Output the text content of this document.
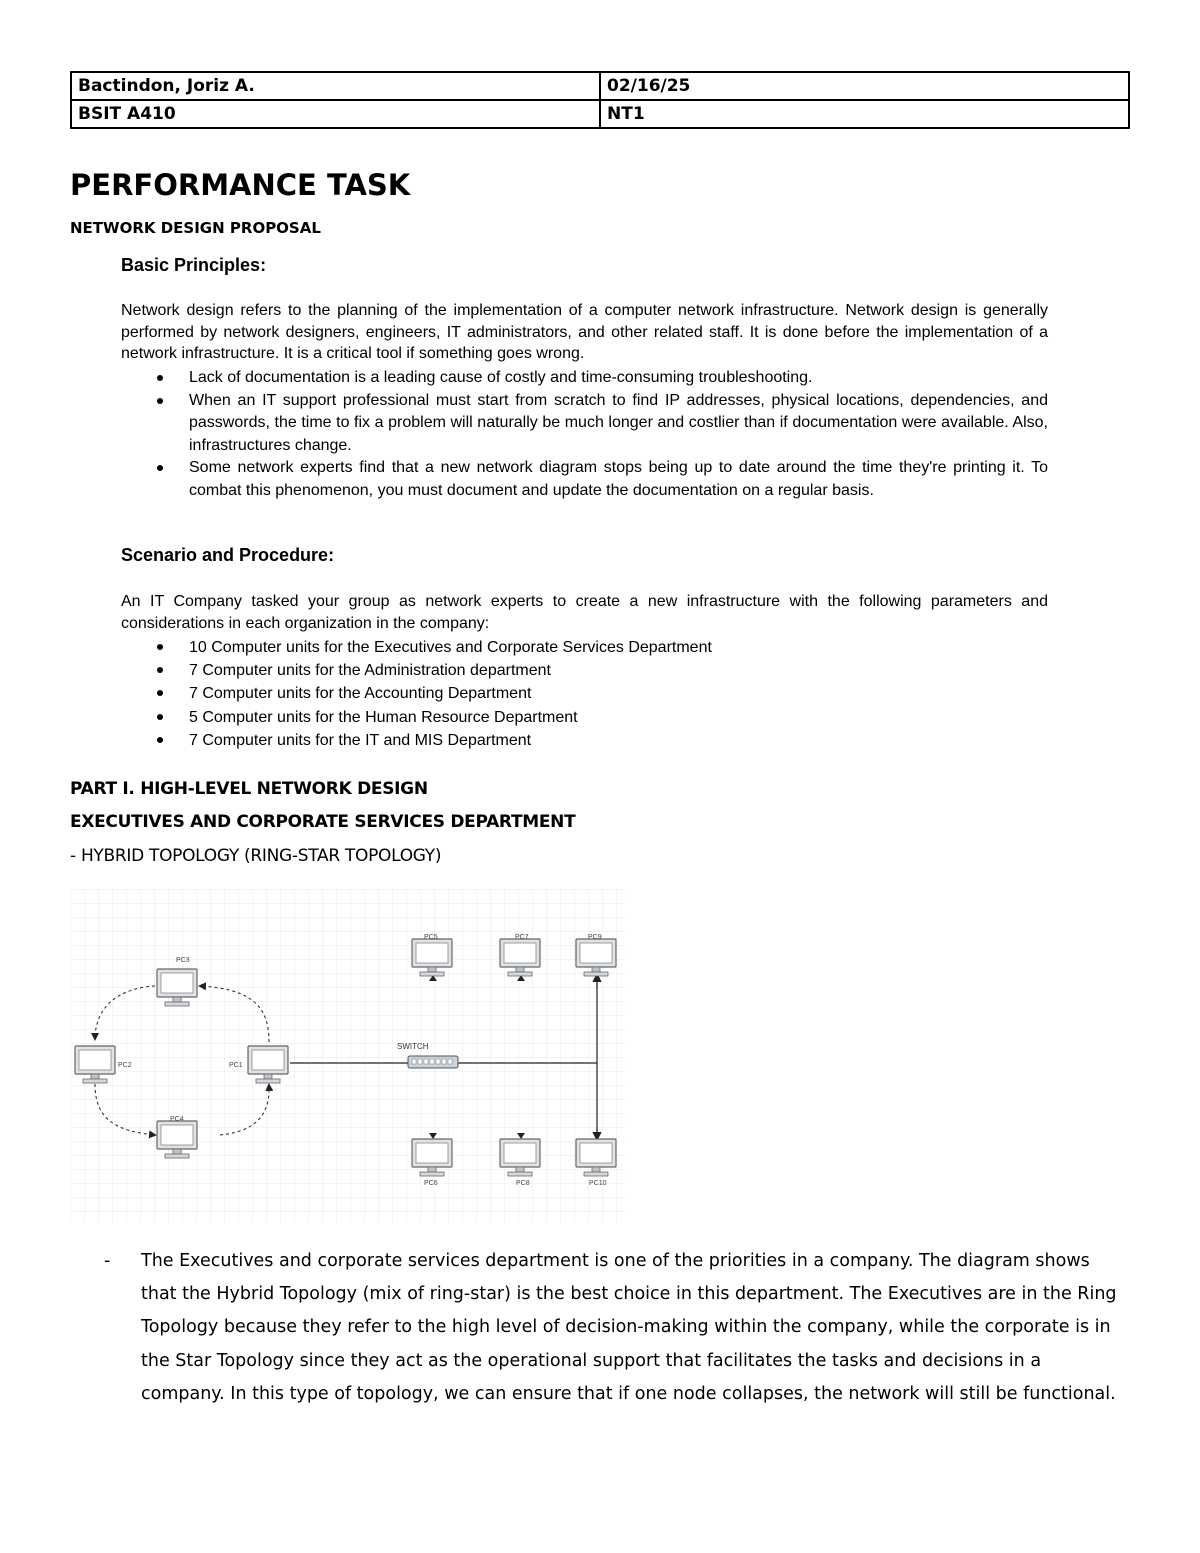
Bactindon, Joriz A.	02/16/25
BSIT A410	NT1
PERFORMANCE TASK
NETWORK DESIGN PROPOSAL
Basic Principles:
Network design refers to the planning of the implementation of a computer network infrastructure. Network design is generally performed by network designers, engineers, IT administrators, and other related staff. It is done before the implementation of a network infrastructure. It is a critical tool if something goes wrong.
Lack of documentation is a leading cause of costly and time-consuming troubleshooting.
When an IT support professional must start from scratch to find IP addresses, physical locations, dependencies, and passwords, the time to fix a problem will naturally be much longer and costlier than if documentation were available. Also, infrastructures change.
Some network experts find that a new network diagram stops being up to date around the time they're printing it. To combat this phenomenon, you must document and update the documentation on a regular basis.
Scenario and Procedure:
An IT Company tasked your group as network experts to create a new infrastructure with the following parameters and considerations in each organization in the company:
10 Computer units for the Executives and Corporate Services Department
7 Computer units for the Administration department
7 Computer units for the Accounting Department
5 Computer units for the Human Resource Department
7 Computer units for the IT and MIS Department
PART I. HIGH-LEVEL NETWORK DESIGN
EXECUTIVES AND CORPORATE SERVICES DEPARTMENT
- HYBRID TOPOLOGY (RING-STAR TOPOLOGY)
SWITCH
PC3
PC2	PC1
PC4
PC5	PC7	PC9
PC6	PC8	PC10
- The Executives and corporate services department is one of the priorities in a company. The diagram shows that the Hybrid Topology (mix of ring-star) is the best choice in this department. The Executives are in the Ring Topology because they refer to the high level of decision-making within the company, while the corporate is in the Star Topology since they act as the operational support that facilitates the tasks and decisions in a company. In this type of topology, we can ensure that if one node collapses, the network will still be functional.
